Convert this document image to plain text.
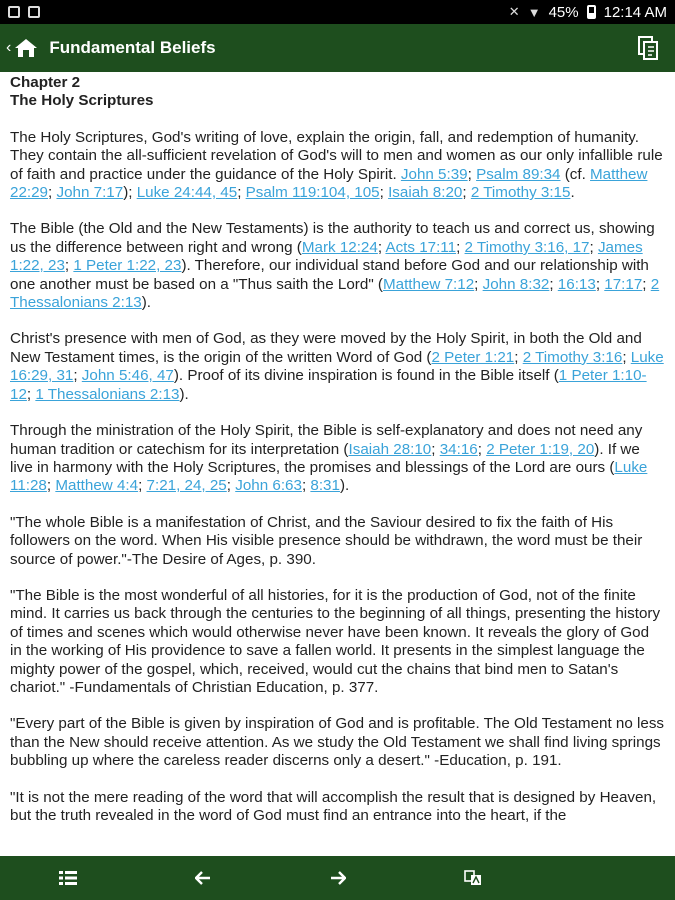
✕ ▼ 45% 12:14 AM
‹ Fundamental Beliefs
Chapter 2
The Holy Scriptures

The Holy Scriptures, God's writing of love, explain the origin, fall, and redemption of humanity. They contain the all-sufficient revelation of God's will to men and women as our only infallible rule of faith and practice under the guidance of the Holy Spirit. John 5:39; Psalm 89:34 (cf. Matthew 22:29; John 7:17); Luke 24:44, 45; Psalm 119:104, 105; Isaiah 8:20; 2 Timothy 3:15.

The Bible (the Old and the New Testaments) is the authority to teach us and correct us, showing us the difference between right and wrong (Mark 12:24; Acts 17:11; 2 Timothy 3:16, 17; James 1:22, 23; 1 Peter 1:22, 23). Therefore, our individual stand before God and our relationship with one another must be based on a "Thus saith the Lord" (Matthew 7:12; John 8:32; 16:13; 17:17; 2 Thessalonians 2:13).

Christ's presence with men of God, as they were moved by the Holy Spirit, in both the Old and New Testament times, is the origin of the written Word of God (2 Peter 1:21; 2 Timothy 3:16; Luke 16:29, 31; John 5:46, 47). Proof of its divine inspiration is found in the Bible itself (1 Peter 1:10-12; 1 Thessalonians 2:13).

Through the ministration of the Holy Spirit, the Bible is self-explanatory and does not need any human tradition or catechism for its interpretation (Isaiah 28:10; 34:16; 2 Peter 1:19, 20). If we live in harmony with the Holy Scriptures, the promises and blessings of the Lord are ours (Luke 11:28; Matthew 4:4; 7:21, 24, 25; John 6:63; 8:31).

"The whole Bible is a manifestation of Christ, and the Saviour desired to fix the faith of His followers on the word. When His visible presence should be withdrawn, the word must be their source of power."-The Desire of Ages, p. 390.

"The Bible is the most wonderful of all histories, for it is the production of God, not of the finite mind. It carries us back through the centuries to the beginning of all things, presenting the history of times and scenes which would otherwise never have been known. It reveals the glory of God in the working of His providence to save a fallen world. It presents in the simplest language the mighty power of the gospel, which, received, would cut the chains that bind men to Satan's chariot." -Fundamentals of Christian Education, p. 377.

"Every part of the Bible is given by inspiration of God and is profitable. The Old Testament no less than the New should receive attention. As we study the Old Testament we shall find living springs bubbling up where the careless reader discerns only a desert." -Education, p. 191.

"It is not the mere reading of the word that will accomplish the result that is designed by Heaven, but the truth revealed in the word of God must find an entrance into the heart, if the
